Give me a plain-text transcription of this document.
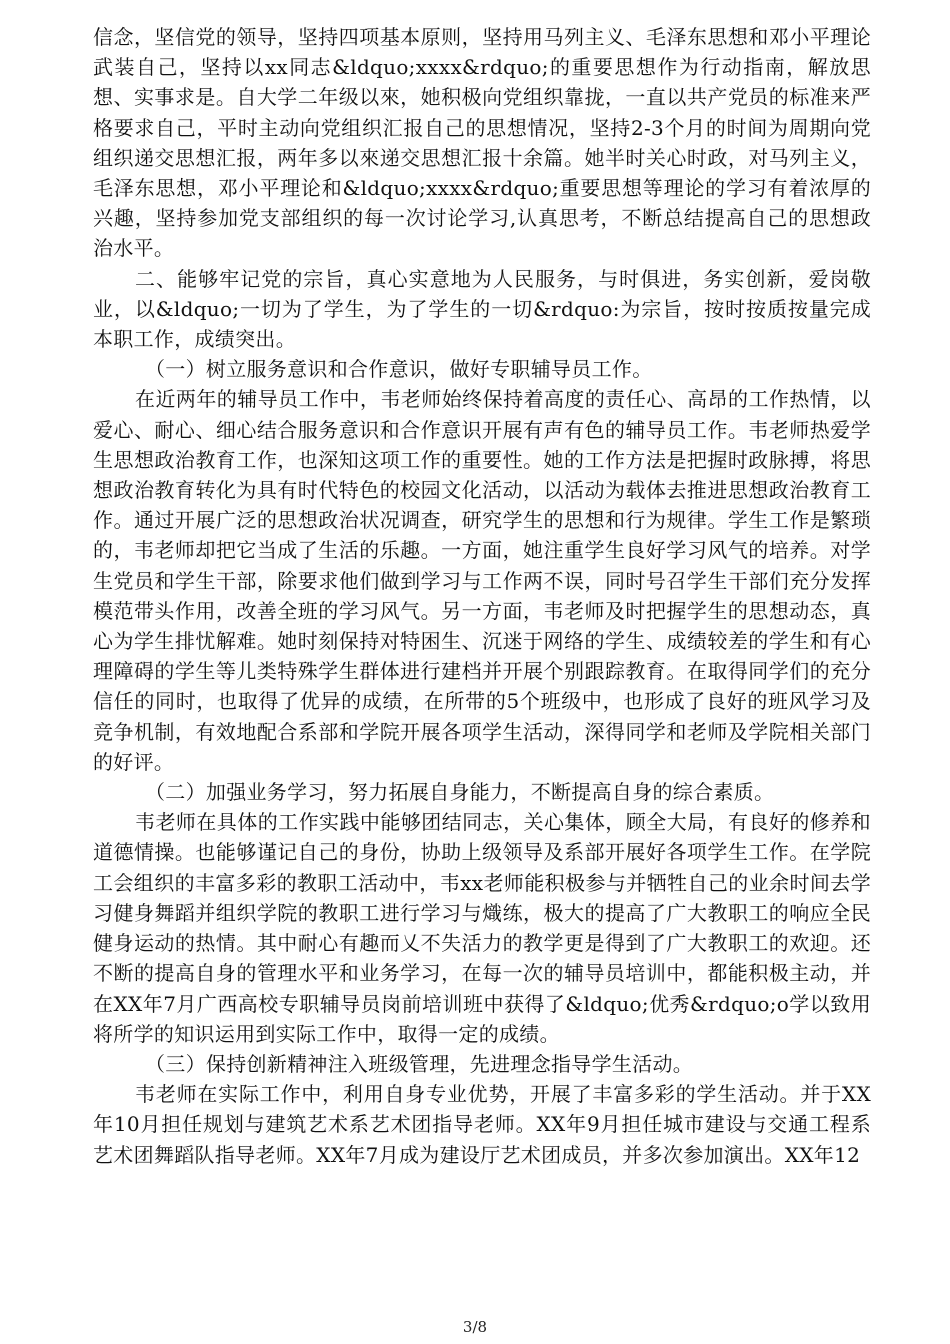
信念，坚信党的领导，坚持四项基本原则，坚持用马列主义、毛泽东思想和邓小平理论武装自己，坚持以xx同志&ldquo;xxxx&rdquo;的重要思想作为行动指南，解放思想、实事求是。自大学二年级以來，她积极向党组织靠拢，一直以共产党员的标准来严格要求自己，平时主动向党组织汇报自己的思想情况，坚持2-3个月的时间为周期向党组织递交思想汇报，两年多以來递交思想汇报十余篇。她半时关心时政，对马列主义，毛泽东思想，邓小平理论和&ldquo;xxxx&rdquo;重要思想等理论的学习有着浓厚的兴趣，坚持参加党支部组织的每一次讨论学习,认真思考，不断总结提高自己的思想政治水平。

二、能够牢记党的宗旨，真心实意地为人民服务，与时俱进，务实创新，爱岗敬业，以&ldquo;一切为了学生，为了学生的一切&rdquo:为宗旨，按时按质按量完成本职工作，成绩突出。

（一）树立服务意识和合作意识，做好专职辅导员工作。

在近两年的辅导员工作中，韦老师始终保持着高度的责任心、高昂的工作热情，以爱心、耐心、细心结合服务意识和合作意识开展有声有色的辅导员工作。韦老师热爱学生思想政治教育工作，也深知这项工作的重要性。她的工作方法是把握时政脉搏，将思想政治教育转化为具有时代特色的校园文化活动，以活动为载体去推进思想政治教育工作。通过开展广泛的思想政治状况调查，研究学生的思想和行为规律。学生工作是繁琐的，韦老师却把它当成了生活的乐趣。一方面，她注重学生良好学习风气的培养。对学生党员和学生干部，除要求他们做到学习与工作两不误，同时号召学生干部们充分发挥模范带头作用，改善全班的学习风气。另一方面，韦老师及时把握学生的思想动态，真心为学生排忧解难。她时刻保持对特困生、沉迷于网络的学生、成绩较差的学生和有心理障碍的学生等儿类特殊学生群体进行建档并开展个别跟踪教育。在取得同学们的充分信任的同时，也取得了优异的成绩，在所带的5个班级中，也形成了良好的班风学习及竞争机制，有效地配合系部和学院开展各项学生活动，深得同学和老师及学院相关部门的好评。

（二）加强业务学习，努力拓展自身能力，不断提高自身的综合素质。

韦老师在具体的工作实践中能够团结同志，关心集体，顾全大局，有良好的修养和道德情操。也能够谨记自己的身份，协助上级领导及系部开展好各项学生工作。在学院工会组织的丰富多彩的教职工活动中，韦xx老师能积极参与并牺牲自己的业余时间去学习健身舞蹈并组织学院的教职工进行学习与熾练，极大的提高了广大教职工的响应全民健身运动的热情。其中耐心有趣而乂不失活力的教学更是得到了广大教职工的欢迎。还不断的提高自身的管理水平和业务学习，在每一次的辅导员培训中，都能积极主动，并在XX年7月广西高校专职辅导员岗前培训班中获得了&ldquo;优秀&rdquo;o学以致用将所学的知识运用到实际工作中，取得一定的成绩。

（三）保持创新精神注入班级管理，先进理念指导学生活动。

韦老师在实际工作中，利用自身专业优势，开展了丰富多彩的学生活动。并于XX年10月担任规划与建筑艺术系艺术团指导老师。XX年9月担任城市建设与交通工程系艺术团舞蹈队指导老师。XX年7月成为建设厅艺术团成员，并多次参加演出。XX年12

3/8
